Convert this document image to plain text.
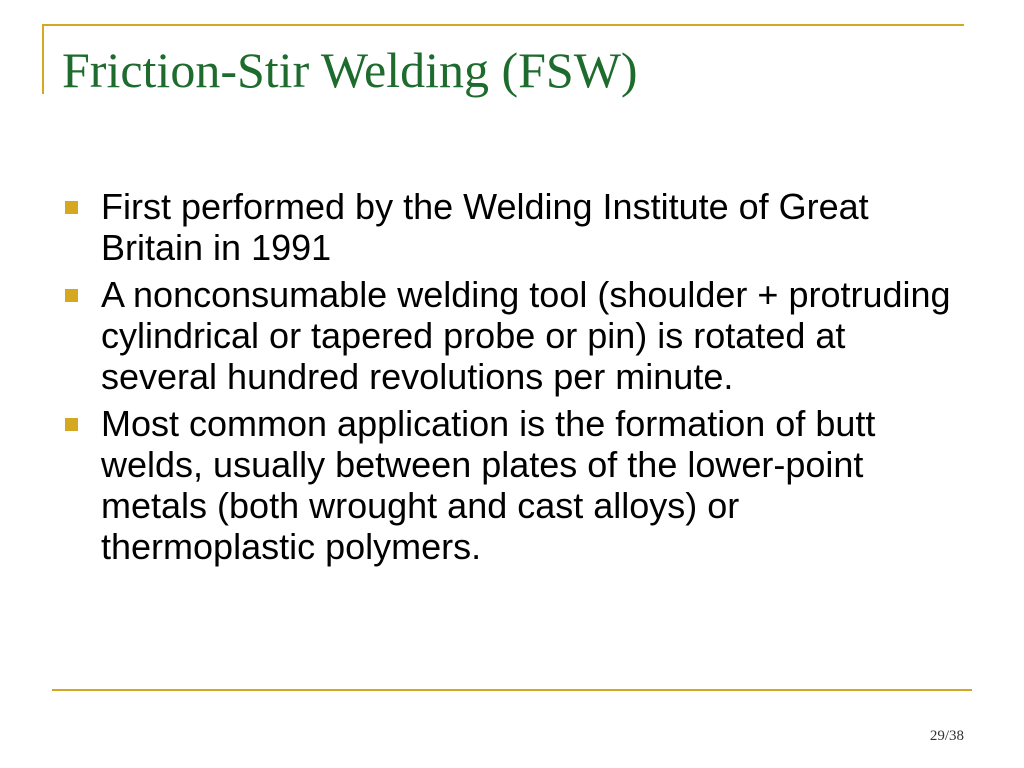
Friction-Stir Welding (FSW)
First performed by the Welding Institute of Great Britain in 1991
A nonconsumable welding tool (shoulder + protruding cylindrical or tapered probe or pin) is rotated at several hundred revolutions per minute.
Most common application is the formation of butt welds, usually between plates of the lower-point metals (both wrought and cast alloys) or thermoplastic polymers.
29/38
